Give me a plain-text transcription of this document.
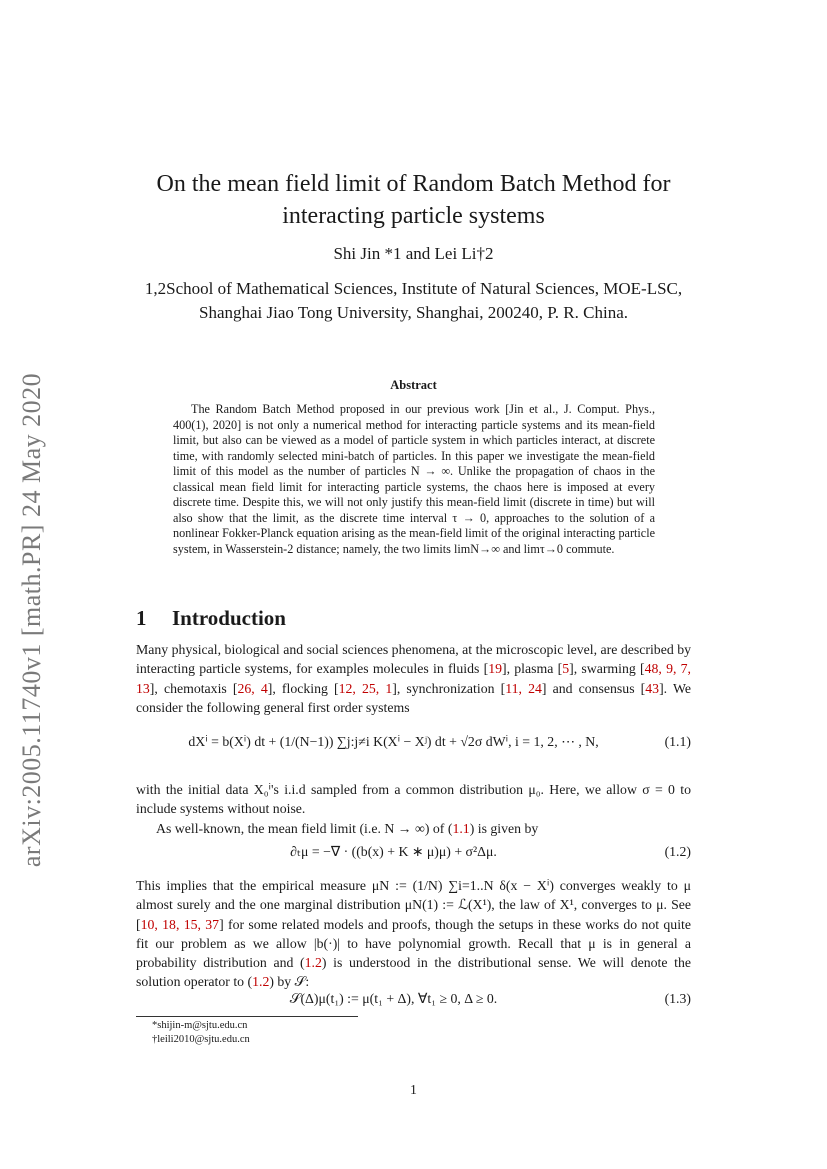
arXiv:2005.11740v1 [math.PR] 24 May 2020
On the mean field limit of Random Batch Method for
interacting particle systems
Shi Jin *1 and Lei Li†2
1,2School of Mathematical Sciences, Institute of Natural Sciences, MOE-LSC,
Shanghai Jiao Tong University, Shanghai, 200240, P. R. China.
Abstract

The Random Batch Method proposed in our previous work [Jin et al., J. Comput. Phys., 400(1), 2020] is not only a numerical method for interacting particle systems and its mean-field limit, but also can be viewed as a model of particle system in which particles interact, at discrete time, with randomly selected mini-batch of particles. In this paper we investigate the mean-field limit of this model as the number of particles N → ∞. Unlike the propagation of chaos in the classical mean field limit for interacting particle systems, the chaos here is imposed at every discrete time. Despite this, we will not only justify this mean-field limit (discrete in time) but will also show that the limit, as the discrete time interval τ → 0, approaches to the solution of a nonlinear Fokker-Planck equation arising as the mean-field limit of the original interacting particle system, in Wasserstein-2 distance; namely, the two limits limN→∞ and limτ→0 commute.

1 Introduction

Many physical, biological and social sciences phenomena, at the microscopic level, are described by interacting particle systems, for examples molecules in fluids [19], plasma [5], swarming [48, 9, 7, 13], chemotaxis [26, 4], flocking [12, 25, 1], synchronization [11, 24] and consensus [43]. We consider the following general first order systems

dXⁱ = b(Xⁱ) dt + (1/(N−1)) ∑j:j≠i K(Xⁱ − Xʲ) dt + √2σ dWⁱ, i = 1, 2, ⋯ , N,	(1.1)

with the initial data X₀ⁱ's i.i.d sampled from a common distribution μ₀. Here, we allow σ = 0 to include systems without noise.

As well-known, the mean field limit (i.e. N → ∞) of (1.1) is given by

∂ₜμ = −∇ · ((b(x) + K ∗ μ)μ) + σ²Δμ.	(1.2)

This implies that the empirical measure μN := (1/N) ∑i=1..N δ(x − Xⁱ) converges weakly to μ almost surely and the one marginal distribution μN(1) := ℒ(X¹), the law of X¹, converges to μ. See [10, 18, 15, 37] for some related models and proofs, though the setups in these works do not quite fit our problem as we allow |b(·)| to have polynomial growth. Recall that μ is in general a probability distribution and (1.2) is understood in the distributional sense. We will denote the solution operator to (1.2) by 𝒮:

𝒮(Δ)μ(t₁) := μ(t₁ + Δ), ∀t₁ ≥ 0, Δ ≥ 0.	(1.3)
*shijin-m@sjtu.edu.cn
†leili2010@sjtu.edu.cn
1
